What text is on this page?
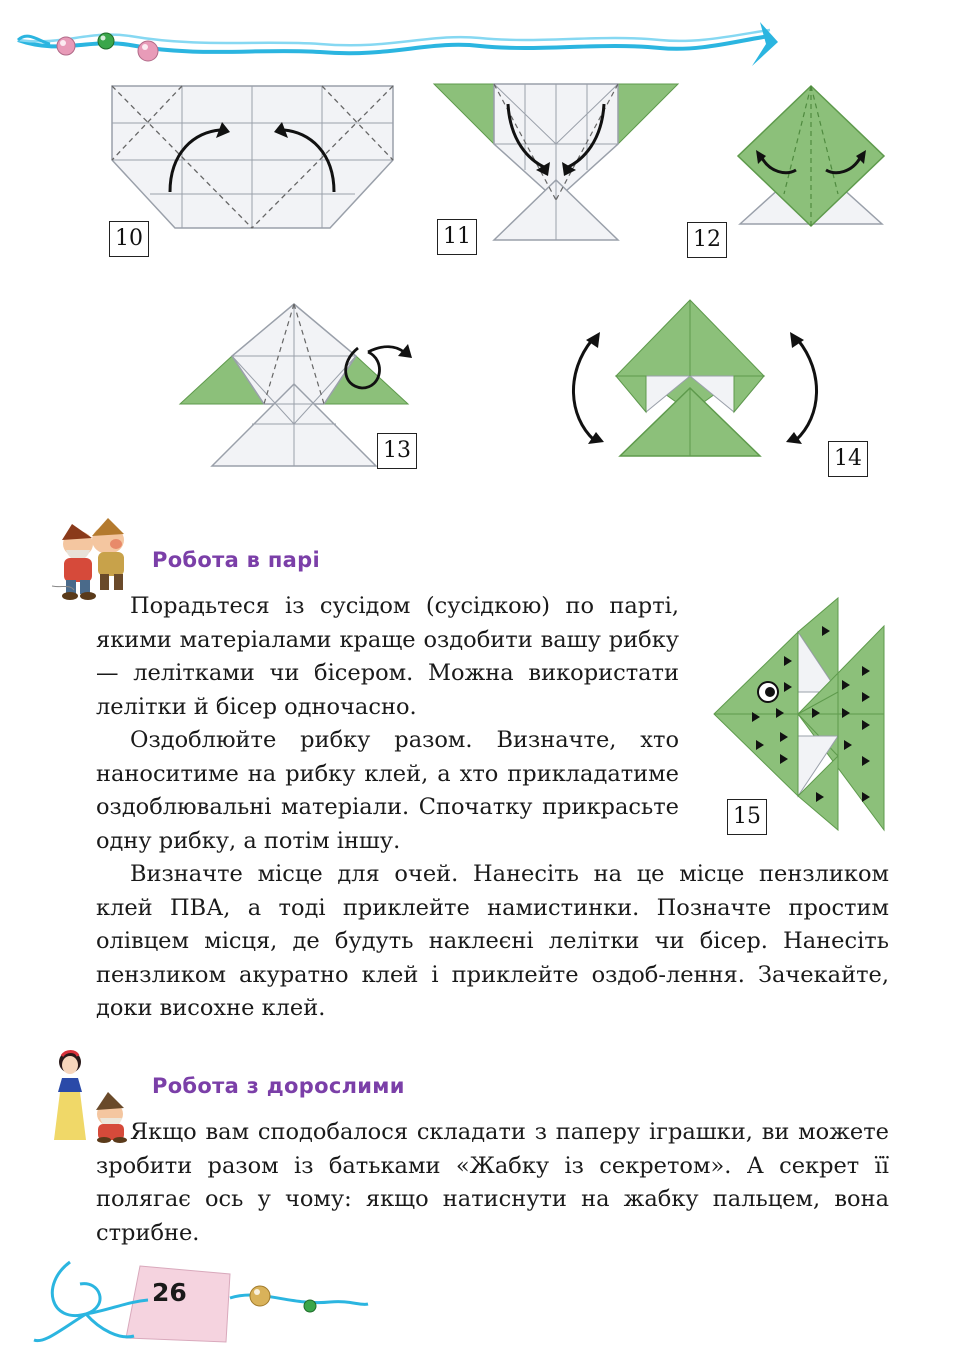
10	11	12
13	14
Робота в парі
15

Порадьтеся із сусідом (сусідкою) по парті, якими матеріалами краще оздобити вашу рибку — лелітками чи бісером. Можна використати лелітки й бісер одночасно.

Оздоблюйте рибку разом. Визначте, хто наноситиме на рибку клей, а хто прикладатиме оздоблювальні матеріали. Спочатку прикрасьте одну рибку, а потім іншу.

Визначте місце для очей. Нанесіть на це місце пензликом клей ПВА, а тоді приклейте намистинки. Позначте простим олівцем місця, де будуть наклеєні лелітки чи бісер. Нанесіть пензликом акуратно клей і приклейте оздоб-лення. Зачекайте, доки висохне клей.

Робота з дорослими

Якщо вам сподобалося складати з паперу іграшки, ви можете зробити разом із батьками «Жабку із секретом». А секрет її полягає ось у чому: якщо натиснути на жабку пальцем, вона стрибне.

26
